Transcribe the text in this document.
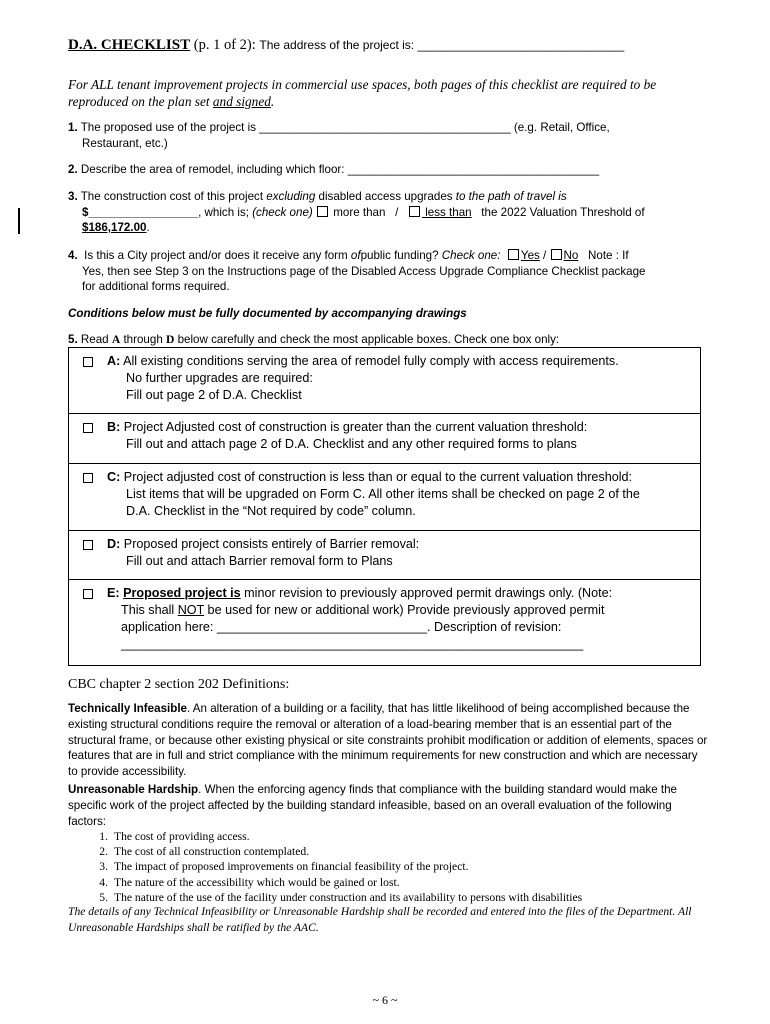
D.A. CHECKLIST (p. 1 of 2): The address of the project is: _______________________________
For ALL tenant improvement projects in commercial use spaces, both pages of this checklist are required to be reproduced on the plan set and signed.
1. The proposed use of the project is _______________________________________ (e.g. Retail, Office,
Restaurant, etc.)
2. Describe the area of remodel, including which floor: _______________________________________
3. The construction cost of this project excluding disabled access upgrades to the path of travel is
$_________________, which is; (check one)  more than /    less than the 2022 Valuation Threshold of
$186,172.00.
4. Is this a City project and/or does it receive any form ofpublic funding? Check one: Yes / No Note : If
Yes, then see Step 3 on the Instructions page of the Disabled Access Upgrade Compliance Checklist package
for additional forms required.
Conditions below must be fully documented by accompanying drawings
5. Read A through D below carefully and check the most applicable boxes. Check one box only:
A: All existing conditions serving the area of remodel fully comply with access requirements.
No further upgrades are required:
Fill out page 2 of D.A. Checklist
B: Project Adjusted cost of construction is greater than the current valuation threshold:
Fill out and attach page 2 of D.A. Checklist and any other required forms to plans
C: Project adjusted cost of construction is less than or equal to the current valuation threshold:
List items that will be upgraded on Form C. All other items shall be checked on page 2 of the
D.A. Checklist in the “Not required by code” column.
D: Proposed project consists entirely of Barrier removal:
Fill out and attach Barrier removal form to Plans
E: Proposed project is minor revision to previously approved permit drawings only. (Note:
This shall NOT be used for new or additional work) Provide previously approved permit
application here: ______________________________. Description of revision:
__________________________________________________________________
CBC chapter 2 section 202 Definitions:
Technically Infeasible. An alteration of a building or a facility, that has little likelihood of being accomplished because the existing structural conditions require the removal or alteration of a load-bearing member that is an essential part of the structural frame, or because other existing physical or site constraints prohibit modification or addition of elements, spaces or features that are in full and strict compliance with the minimum requirements for new construction and which are necessary to provide accessibility.
Unreasonable Hardship. When the enforcing agency finds that compliance with the building standard would make the specific work of the project affected by the building standard infeasible, based on an overall evaluation of the following factors:
1. The cost of providing access.
2. The cost of all construction contemplated.
3. The impact of proposed improvements on financial feasibility of the project.
4. The nature of the accessibility which would be gained or lost.
5. The nature of the use of the facility under construction and its availability to persons with disabilities
The details of any Technical Infeasibility or Unreasonable Hardship shall be recorded and entered into the files of the Department. All Unreasonable Hardships shall be ratified by the AAC.
~ 6 ~
